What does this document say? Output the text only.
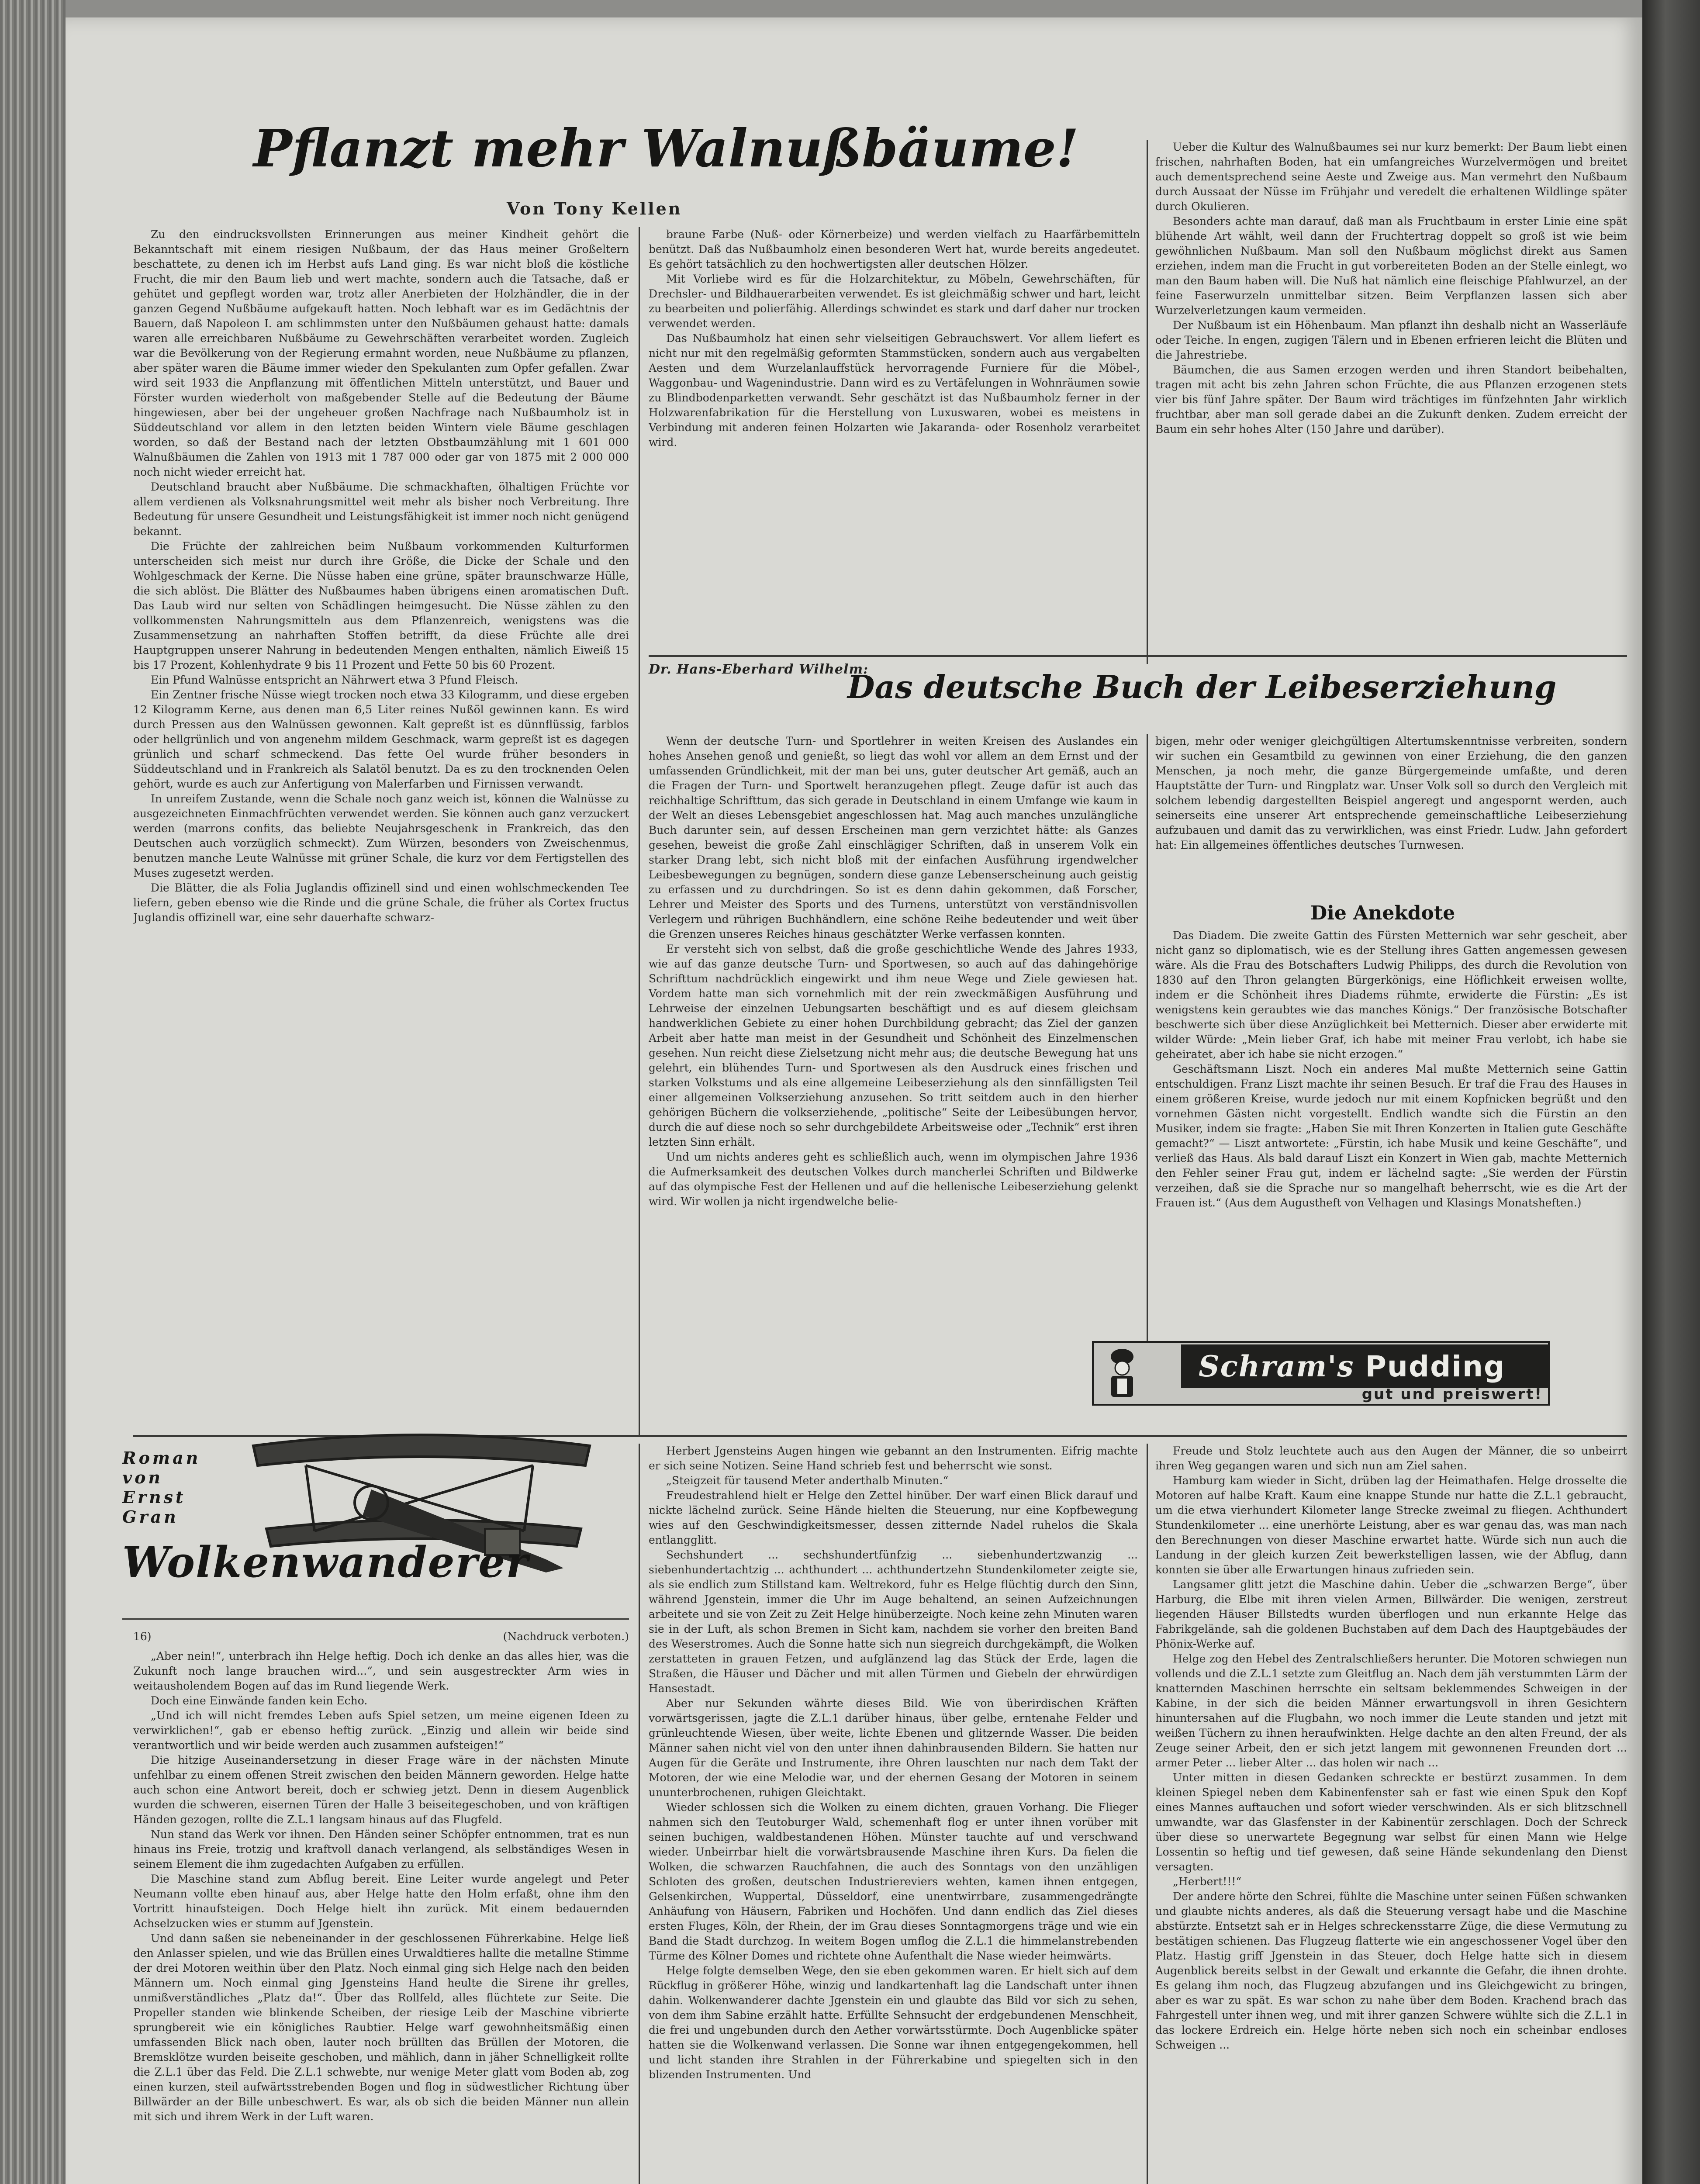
Pflanzt mehr Walnußbäume!
Von Tony Kellen

Zu den eindrucksvollsten Erinnerungen aus meiner Kindheit gehört die Bekanntschaft mit einem riesigen Nußbaum, der das Haus meiner Großeltern beschattete, zu denen ich im Herbst aufs Land ging. Es war nicht bloß die köstliche Frucht, die mir den Baum lieb und wert machte, sondern auch die Tatsache, daß er gehütet und gepflegt worden war, trotz aller Anerbieten der Holzhändler, die in der ganzen Gegend Nußbäume aufgekauft hatten. Noch lebhaft war es im Gedächtnis der Bauern, daß Napoleon I. am schlimmsten unter den Nußbäumen gehaust hatte: damals waren alle erreichbaren Nußbäume zu Gewehrschäften verarbeitet worden. Zugleich war die Bevölkerung von der Regierung ermahnt worden, neue Nußbäume zu pflanzen, aber später waren die Bäume immer wieder den Spekulanten zum Opfer gefallen. Zwar wird seit 1933 die Anpflanzung mit öffentlichen Mitteln unterstützt, und Bauer und Förster wurden wiederholt von maßgebender Stelle auf die Bedeutung der Bäume hingewiesen, aber bei der ungeheuer großen Nachfrage nach Nußbaumholz ist in Süddeutschland vor allem in den letzten beiden Wintern viele Bäume geschlagen worden, so daß der Bestand nach der letzten Obstbaumzählung mit 1 601 000 Walnußbäumen die Zahlen von 1913 mit 1 787 000 oder gar von 1875 mit 2 000 000 noch nicht wieder erreicht hat.

Deutschland braucht aber Nußbäume. Die schmackhaften, ölhaltigen Früchte vor allem verdienen als Volksnahrungsmittel weit mehr als bisher noch Verbreitung. Ihre Bedeutung für unsere Gesundheit und Leistungsfähigkeit ist immer noch nicht genügend bekannt.

Die Früchte der zahlreichen beim Nußbaum vorkommenden Kulturformen unterscheiden sich meist nur durch ihre Größe, die Dicke der Schale und den Wohlgeschmack der Kerne. Die Nüsse haben eine grüne, später braunschwarze Hülle, die sich ablöst. Die Blätter des Nußbaumes haben übrigens einen aromatischen Duft. Das Laub wird nur selten von Schädlingen heimgesucht. Die Nüsse zählen zu den vollkommensten Nahrungsmitteln aus dem Pflanzenreich, wenigstens was die Zusammensetzung an nahrhaften Stoffen betrifft, da diese Früchte alle drei Hauptgruppen unserer Nahrung in bedeutenden Mengen enthalten, nämlich Eiweiß 15 bis 17 Prozent, Kohlenhydrate 9 bis 11 Prozent und Fette 50 bis 60 Prozent.

Ein Pfund Walnüsse entspricht an Nährwert etwa 3 Pfund Fleisch.

Ein Zentner frische Nüsse wiegt trocken noch etwa 33 Kilogramm, und diese ergeben 12 Kilogramm Kerne, aus denen man 6,5 Liter reines Nußöl gewinnen kann. Es wird durch Pressen aus den Walnüssen gewonnen. Kalt gepreßt ist es dünnflüssig, farblos oder hellgrünlich und von angenehm mildem Geschmack, warm gepreßt ist es dagegen grünlich und scharf schmeckend. Das fette Oel wurde früher besonders in Süddeutschland und in Frankreich als Salatöl benutzt. Da es zu den trocknenden Oelen gehört, wurde es auch zur Anfertigung von Malerfarben und Firnissen verwandt.

In unreifem Zustande, wenn die Schale noch ganz weich ist, können die Walnüsse zu ausgezeichneten Einmachfrüchten verwendet werden. Sie können auch ganz verzuckert werden (marrons confits, das beliebte Neujahrsgeschenk in Frankreich, das den Deutschen auch vorzüglich schmeckt). Zum Würzen, besonders von Zweischenmus, benutzen manche Leute Walnüsse mit grüner Schale, die kurz vor dem Fertigstellen des Muses zugesetzt werden.

Die Blätter, die als Folia Juglandis offizinell sind und einen wohlschmeckenden Tee liefern, geben ebenso wie die Rinde und die grüne Schale, die früher als Cortex fructus Juglandis offizinell war, eine sehr dauerhafte schwarz-

braune Farbe (Nuß- oder Körnerbeize) und werden vielfach zu Haarfärbemitteln benützt. Daß das Nußbaumholz einen besonderen Wert hat, wurde bereits angedeutet. Es gehört tatsächlich zu den hochwertigsten aller deutschen Hölzer.

Mit Vorliebe wird es für die Holzarchitektur, zu Möbeln, Gewehrschäften, für Drechsler- und Bildhauerarbeiten verwendet. Es ist gleichmäßig schwer und hart, leicht zu bearbeiten und polierfähig. Allerdings schwindet es stark und darf daher nur trocken verwendet werden.

Das Nußbaumholz hat einen sehr vielseitigen Gebrauchswert. Vor allem liefert es nicht nur mit den regelmäßig geformten Stammstücken, sondern auch aus vergabelten Aesten und dem Wurzelanlauffstück hervorragende Furniere für die Möbel-, Waggonbau- und Wagenindustrie. Dann wird es zu Vertäfelungen in Wohnräumen sowie zu Blindbodenparketten verwandt. Sehr geschätzt ist das Nußbaumholz ferner in der Holzwarenfabrikation für die Herstellung von Luxuswaren, wobei es meistens in Verbindung mit anderen feinen Holzarten wie Jakaranda- oder Rosenholz verarbeitet wird.

Ueber die Kultur des Walnußbaumes sei nur kurz bemerkt: Der Baum liebt einen frischen, nahrhaften Boden, hat ein umfangreiches Wurzelvermögen und breitet auch dementsprechend seine Aeste und Zweige aus. Man vermehrt den Nußbaum durch Aussaat der Nüsse im Frühjahr und veredelt die erhaltenen Wildlinge später durch Okulieren.

Besonders achte man darauf, daß man als Fruchtbaum in erster Linie eine spät blühende Art wählt, weil dann der Fruchtertrag doppelt so groß ist wie beim gewöhnlichen Nußbaum. Man soll den Nußbaum möglichst direkt aus Samen erziehen, indem man die Frucht in gut vorbereiteten Boden an der Stelle einlegt, wo man den Baum haben will. Die Nuß hat nämlich eine fleischige Pfahlwurzel, an der feine Faserwurzeln unmittelbar sitzen. Beim Verpflanzen lassen sich aber Wurzelverletzungen kaum vermeiden.

Der Nußbaum ist ein Höhenbaum. Man pflanzt ihn deshalb nicht an Wasserläufe oder Teiche. In engen, zugigen Tälern und in Ebenen erfrieren leicht die Blüten und die Jahrestriebe.

Bäumchen, die aus Samen erzogen werden und ihren Standort beibehalten, tragen mit acht bis zehn Jahren schon Früchte, die aus Pflanzen erzogenen stets vier bis fünf Jahre später. Der Baum wird trächtiges im fünfzehnten Jahr wirklich fruchtbar, aber man soll gerade dabei an die Zukunft denken. Zudem erreicht der Baum ein sehr hohes Alter (150 Jahre und darüber).

Dr. Hans-Eberhard Wilhelm:
Das deutsche Buch der Leibeserziehung

Wenn der deutsche Turn- und Sportlehrer in weiten Kreisen des Auslandes ein hohes Ansehen genoß und genießt, so liegt das wohl vor allem an dem Ernst und der umfassenden Gründlichkeit, mit der man bei uns, guter deutscher Art gemäß, auch an die Fragen der Turn- und Sportwelt heranzugehen pflegt. Zeuge dafür ist auch das reichhaltige Schrifttum, das sich gerade in Deutschland in einem Umfange wie kaum in der Welt an dieses Lebensgebiet angeschlossen hat. Mag auch manches unzulängliche Buch darunter sein, auf dessen Erscheinen man gern verzichtet hätte: als Ganzes gesehen, beweist die große Zahl einschlägiger Schriften, daß in unserem Volk ein starker Drang lebt, sich nicht bloß mit der einfachen Ausführung irgendwelcher Leibesbewegungen zu begnügen, sondern diese ganze Lebenserscheinung auch geistig zu erfassen und zu durchdringen. So ist es denn dahin gekommen, daß Forscher, Lehrer und Meister des Sports und des Turnens, unterstützt von verständnisvollen Verlegern und rührigen Buchhändlern, eine schöne Reihe bedeutender und weit über die Grenzen unseres Reiches hinaus geschätzter Werke verfassen konnten.

Er versteht sich von selbst, daß die große geschichtliche Wende des Jahres 1933, wie auf das ganze deutsche Turn- und Sportwesen, so auch auf das dahingehörige Schrifttum nachdrücklich eingewirkt und ihm neue Wege und Ziele gewiesen hat. Vordem hatte man sich vornehmlich mit der rein zweckmäßigen Ausführung und Lehrweise der einzelnen Uebungsarten beschäftigt und es auf diesem gleichsam handwerklichen Gebiete zu einer hohen Durchbildung gebracht; das Ziel der ganzen Arbeit aber hatte man meist in der Gesundheit und Schönheit des Einzelmenschen gesehen. Nun reicht diese Zielsetzung nicht mehr aus; die deutsche Bewegung hat uns gelehrt, ein blühendes Turn- und Sportwesen als den Ausdruck eines frischen und starken Volkstums und als eine allgemeine Leibeserziehung als den sinnfälligsten Teil einer allgemeinen Volkserziehung anzusehen. So tritt seitdem auch in den hierher gehörigen Büchern die volkserziehende, „politische“ Seite der Leibesübungen hervor, durch die auf diese noch so sehr durchgebildete Arbeitsweise oder „Technik“ erst ihren letzten Sinn erhält.

Und um nichts anderes geht es schließlich auch, wenn im olympischen Jahre 1936 die Aufmerksamkeit des deutschen Volkes durch mancherlei Schriften und Bildwerke auf das olympische Fest der Hellenen und auf die hellenische Leibeserziehung gelenkt wird. Wir wollen ja nicht irgendwelche belie-

bigen, mehr oder weniger gleichgültigen Altertumskenntnisse verbreiten, sondern wir suchen ein Gesamtbild zu gewinnen von einer Erziehung, die den ganzen Menschen, ja noch mehr, die ganze Bürgergemeinde umfaßte, und deren Hauptstätte der Turn- und Ringplatz war. Unser Volk soll so durch den Vergleich mit solchem lebendig dargestellten Beispiel angeregt und angespornt werden, auch seinerseits eine unserer Art entsprechende gemeinschaftliche Leibeserziehung aufzubauen und damit das zu verwirklichen, was einst Friedr. Ludw. Jahn gefordert hat: Ein allgemeines öffentliches deutsches Turnwesen.
Die Anekdote

Das Diadem. Die zweite Gattin des Fürsten Metternich war sehr gescheit, aber nicht ganz so diplomatisch, wie es der Stellung ihres Gatten angemessen gewesen wäre. Als die Frau des Botschafters Ludwig Philipps, des durch die Revolution von 1830 auf den Thron gelangten Bürgerkönigs, eine Höflichkeit erweisen wollte, indem er die Schönheit ihres Diadems rühmte, erwiderte die Fürstin: „Es ist wenigstens kein geraubtes wie das manches Königs.“ Der französische Botschafter beschwerte sich über diese Anzüglichkeit bei Metternich. Dieser aber erwiderte mit wilder Würde: „Mein lieber Graf, ich habe mit meiner Frau verlobt, ich habe sie geheiratet, aber ich habe sie nicht erzogen.“

Geschäftsmann Liszt. Noch ein anderes Mal mußte Metternich seine Gattin entschuldigen. Franz Liszt machte ihr seinen Besuch. Er traf die Frau des Hauses in einem größeren Kreise, wurde jedoch nur mit einem Kopfnicken begrüßt und den vornehmen Gästen nicht vorgestellt. Endlich wandte sich die Fürstin an den Musiker, indem sie fragte: „Haben Sie mit Ihren Konzerten in Italien gute Geschäfte gemacht?“ — Liszt antwortete: „Fürstin, ich habe Musik und keine Geschäfte“, und verließ das Haus. Als bald darauf Liszt ein Konzert in Wien gab, machte Metternich den Fehler seiner Frau gut, indem er lächelnd sagte: „Sie werden der Fürstin verzeihen, daß sie die Sprache nur so mangelhaft beherrscht, wie es die Art der Frauen ist.“ (Aus dem Augustheft von Velhagen und Klasings Monatsheften.)

Schram's Pudding
gut und preiswert!
Roman
von
Ernst
Gran
Wolkenwanderer
16)	(Nachdruck verboten.)

„Aber nein!“, unterbrach ihn Helge heftig. Doch ich denke an das alles hier, was die Zukunft noch lange brauchen wird...“, und sein ausgestreckter Arm wies in weitausholendem Bogen auf das im Rund liegende Werk.

Doch eine Einwände fanden kein Echo.

„Und ich will nicht fremdes Leben aufs Spiel setzen, um meine eigenen Ideen zu verwirklichen!“, gab er ebenso heftig zurück. „Einzig und allein wir beide sind verantwortlich und wir beide werden auch zusammen aufsteigen!“

Die hitzige Auseinandersetzung in dieser Frage wäre in der nächsten Minute unfehlbar zu einem offenen Streit zwischen den beiden Männern geworden. Helge hatte auch schon eine Antwort bereit, doch er schwieg jetzt. Denn in diesem Augenblick wurden die schweren, eisernen Türen der Halle 3 beiseitegeschoben, und von kräftigen Händen gezogen, rollte die Z.L.1 langsam hinaus auf das Flugfeld.

Nun stand das Werk vor ihnen. Den Händen seiner Schöpfer entnommen, trat es nun hinaus ins Freie, trotzig und kraftvoll danach verlangend, als selbständiges Wesen in seinem Element die ihm zugedachten Aufgaben zu erfüllen.

Die Maschine stand zum Abflug bereit. Eine Leiter wurde angelegt und Peter Neumann vollte eben hinauf aus, aber Helge hatte den Holm erfaßt, ohne ihm den Vortritt hinaufsteigen. Doch Helge hielt ihn zurück. Mit einem bedauernden Achselzucken wies er stumm auf Jgenstein.

Und dann saßen sie nebeneinander in der geschlossenen Führerkabine. Helge ließ den Anlasser spielen, und wie das Brüllen eines Urwaldtieres hallte die metallne Stimme der drei Motoren weithin über den Platz. Noch einmal ging sich Helge nach den beiden Männern um. Noch einmal ging Jgensteins Hand heulte die Sirene ihr grelles, unmißverständliches „Platz da!“. Über das Rollfeld, alles flüchtete zur Seite. Die Propeller standen wie blinkende Scheiben, der riesige Leib der Maschine vibrierte sprungbereit wie ein königliches Raubtier. Helge warf gewohnheitsmäßig einen umfassenden Blick nach oben, lauter noch brüllten das Brüllen der Motoren, die Bremsklötze wurden beiseite geschoben, und mählich, dann in jäher Schnelligkeit rollte die Z.L.1 über das Feld. Die Z.L.1 schwebte, nur wenige Meter glatt vom Boden ab, zog einen kurzen, steil aufwärtsstrebenden Bogen und flog in südwestlicher Richtung über Billwärder an der Bille unbeschwert. Es war, als ob sich die beiden Männer nun allein mit sich und ihrem Werk in der Luft waren.

Herbert Jgensteins Augen hingen wie gebannt an den Instrumenten. Eifrig machte er sich seine Notizen. Seine Hand schrieb fest und beherrscht wie sonst.

„Steigzeit für tausend Meter anderthalb Minuten.“

Freudestrahlend hielt er Helge den Zettel hinüber. Der warf einen Blick darauf und nickte lächelnd zurück. Seine Hände hielten die Steuerung, nur eine Kopfbewegung wies auf den Geschwindigkeitsmesser, dessen zitternde Nadel ruhelos die Skala entlangglitt.

Sechshundert ... sechshundertfünfzig ... siebenhundertzwanzig ... siebenhundertachtzig ... achthundert ... achthundertzehn Stundenkilometer zeigte sie, als sie endlich zum Stillstand kam. Weltrekord, fuhr es Helge flüchtig durch den Sinn, während Jgenstein, immer die Uhr im Auge behaltend, an seinen Aufzeichnungen arbeitete und sie von Zeit zu Zeit Helge hinüberzeigte. Noch keine zehn Minuten waren sie in der Luft, als schon Bremen in Sicht kam, nachdem sie vorher den breiten Band des Weserstromes. Auch die Sonne hatte sich nun siegreich durchgekämpft, die Wolken zerstatteten in grauen Fetzen, und aufglänzend lag das Stück der Erde, lagen die Straßen, die Häuser und Dächer und mit allen Türmen und Giebeln der ehrwürdigen Hansestadt.

Aber nur Sekunden währte dieses Bild. Wie von überirdischen Kräften vorwärtsgerissen, jagte die Z.L.1 darüber hinaus, über gelbe, erntenahe Felder und grünleuchtende Wiesen, über weite, lichte Ebenen und glitzernde Wasser. Die beiden Männer sahen nicht viel von den unter ihnen dahinbrausenden Bildern. Sie hatten nur Augen für die Geräte und Instrumente, ihre Ohren lauschten nur nach dem Takt der Motoren, der wie eine Melodie war, und der ehernen Gesang der Motoren in seinem ununterbrochenen, ruhigen Gleichtakt.

Wieder schlossen sich die Wolken zu einem dichten, grauen Vorhang. Die Flieger nahmen sich den Teutoburger Wald, schemenhaft flog er unter ihnen vorüber mit seinen buchigen, waldbestandenen Höhen. Münster tauchte auf und verschwand wieder. Unbeirrbar hielt die vorwärtsbrausende Maschine ihren Kurs. Da fielen die Wolken, die schwarzen Rauchfahnen, die auch des Sonntags von den unzähligen Schloten des großen, deutschen Industriereviers wehten, kamen ihnen entgegen, Gelsenkirchen, Wuppertal, Düsseldorf, eine unentwirrbare, zusammengedrängte Anhäufung von Häusern, Fabriken und Hochöfen. Und dann endlich das Ziel dieses ersten Fluges, Köln, der Rhein, der im Grau dieses Sonntagmorgens träge und wie ein Band die Stadt durchzog. In weitem Bogen umflog die Z.L.1 die himmelanstrebenden Türme des Kölner Domes und richtete ohne Aufenthalt die Nase wieder heimwärts.

Helge folgte demselben Wege, den sie eben gekommen waren. Er hielt sich auf dem Rückflug in größerer Höhe, winzig und landkartenhaft lag die Landschaft unter ihnen dahin. Wolkenwanderer dachte Jgenstein ein und glaubte das Bild vor sich zu sehen, von dem ihm Sabine erzählt hatte. Erfüllte Sehnsucht der erdgebundenen Menschheit, die frei und ungebunden durch den Aether vorwärtsstürmte. Doch Augenblicke später hatten sie die Wolkenwand verlassen. Die Sonne war ihnen entgegengekommen, hell und licht standen ihre Strahlen in der Führerkabine und spiegelten sich in den blizenden Instrumenten. Und

Freude und Stolz leuchtete auch aus den Augen der Männer, die so unbeirrt ihren Weg gegangen waren und sich nun am Ziel sahen.

Hamburg kam wieder in Sicht, drüben lag der Heimathafen. Helge drosselte die Motoren auf halbe Kraft. Kaum eine knappe Stunde nur hatte die Z.L.1 gebraucht, um die etwa vierhundert Kilometer lange Strecke zweimal zu fliegen. Achthundert Stundenkilometer ... eine unerhörte Leistung, aber es war genau das, was man nach den Berechnungen von dieser Maschine erwartet hatte. Würde sich nun auch die Landung in der gleich kurzen Zeit bewerkstelligen lassen, wie der Abflug, dann konnten sie über alle Erwartungen hinaus zufrieden sein.

Langsamer glitt jetzt die Maschine dahin. Ueber die „schwarzen Berge“, über Harburg, die Elbe mit ihren vielen Armen, Billwärder. Die wenigen, zerstreut liegenden Häuser Billstedts wurden überflogen und nun erkannte Helge das Fabrikgelände, sah die goldenen Buchstaben auf dem Dach des Hauptgebäudes der Phönix-Werke auf.

Helge zog den Hebel des Zentralschließers herunter. Die Motoren schwiegen nun vollends und die Z.L.1 setzte zum Gleitflug an. Nach dem jäh verstummten Lärm der knatternden Maschinen herrschte ein seltsam beklemmendes Schweigen in der Kabine, in der sich die beiden Männer erwartungsvoll in ihren Gesichtern hinuntersahen auf die Flugbahn, wo noch immer die Leute standen und jetzt mit weißen Tüchern zu ihnen heraufwinkten. Helge dachte an den alten Freund, der als Zeuge seiner Arbeit, den er sich jetzt langem mit gewonnenen Freunden dort ... armer Peter ... lieber Alter ... das holen wir nach ...

Unter mitten in diesen Gedanken schreckte er bestürzt zusammen. In dem kleinen Spiegel neben dem Kabinenfenster sah er fast wie einen Spuk den Kopf eines Mannes auftauchen und sofort wieder verschwinden. Als er sich blitzschnell umwandte, war das Glasfenster in der Kabinentür zerschlagen. Doch der Schreck über diese so unerwartete Begegnung war selbst für einen Mann wie Helge Lossentin so heftig und tief gewesen, daß seine Hände sekundenlang den Dienst versagten.

„Herbert!!!“

Der andere hörte den Schrei, fühlte die Maschine unter seinen Füßen schwanken und glaubte nichts anderes, als daß die Steuerung versagt habe und die Maschine abstürzte. Entsetzt sah er in Helges schreckensstarre Züge, die diese Vermutung zu bestätigen schienen. Das Flugzeug flatterte wie ein angeschossener Vogel über den Platz. Hastig griff Jgenstein in das Steuer, doch Helge hatte sich in diesem Augenblick bereits selbst in der Gewalt und erkannte die Gefahr, die ihnen drohte. Es gelang ihm noch, das Flugzeug abzufangen und ins Gleichgewicht zu bringen, aber es war zu spät. Es war schon zu nahe über dem Boden. Krachend brach das Fahrgestell unter ihnen weg, und mit ihrer ganzen Schwere wühlte sich die Z.L.1 in das lockere Erdreich ein. Helge hörte neben sich noch ein scheinbar endloses Schweigen ...
